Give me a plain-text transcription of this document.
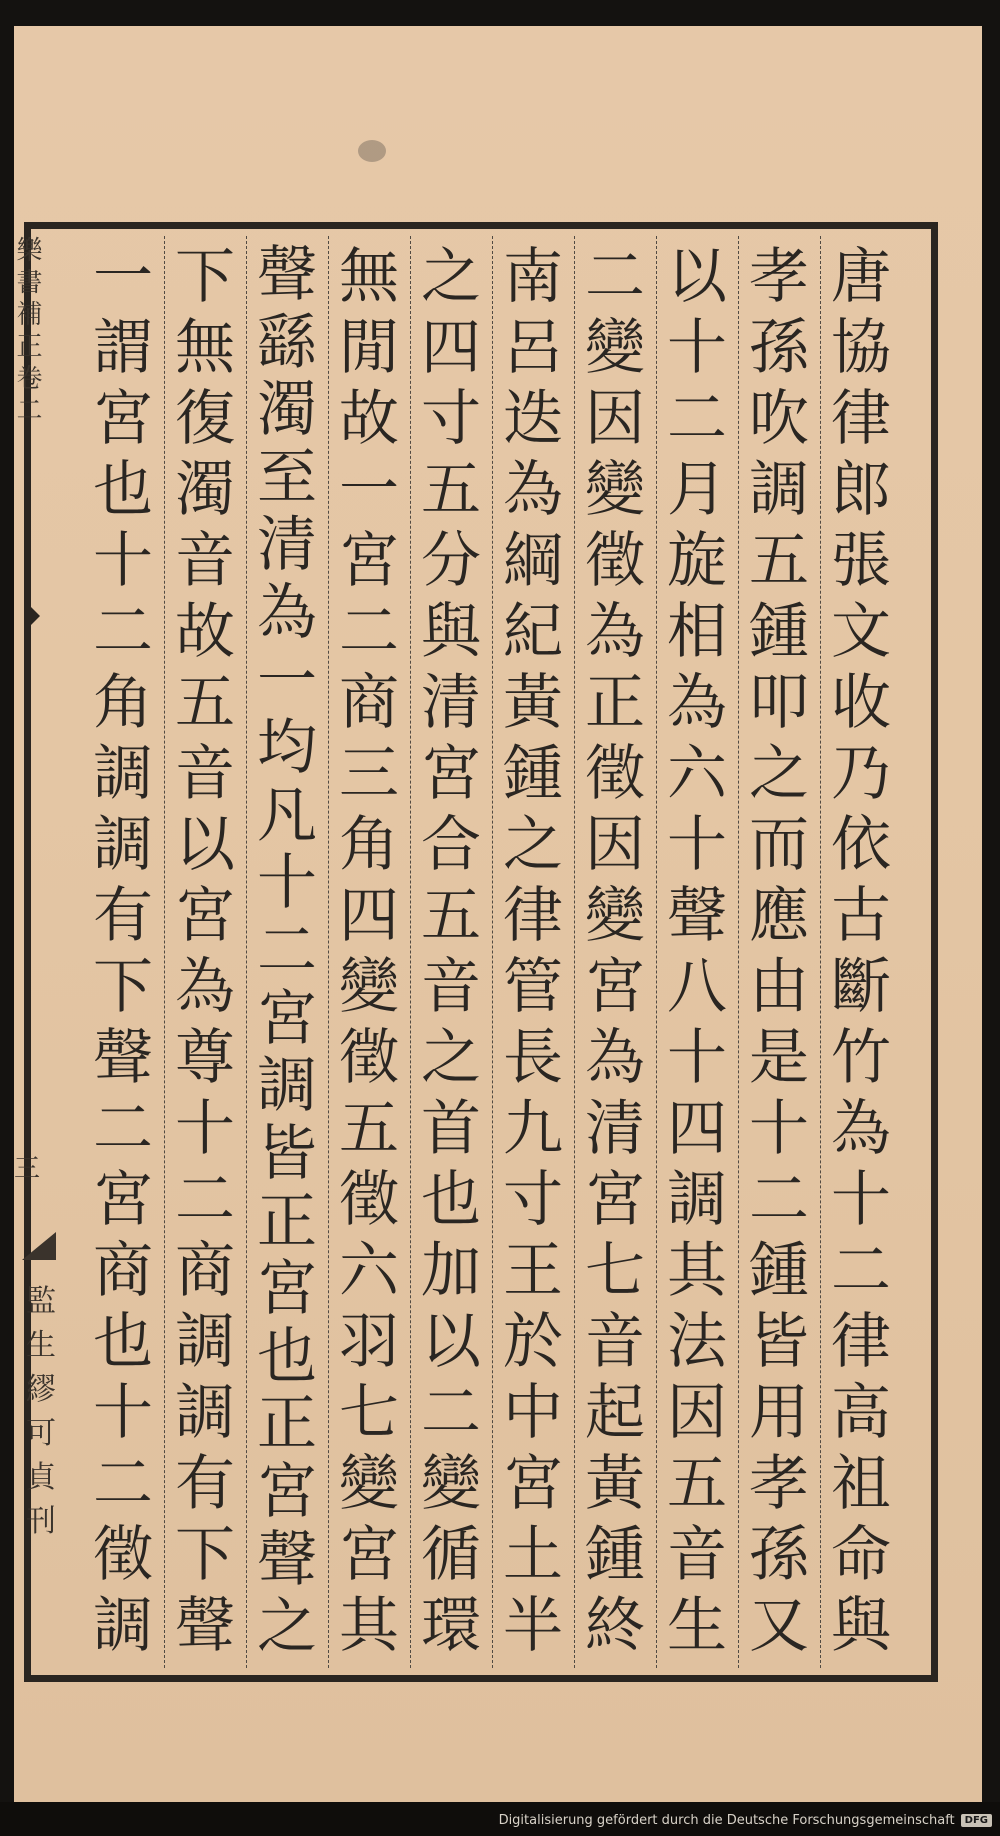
唐
協
律
郎
張
文
收
乃
依
古
斷
竹
為
十
二
律
高
祖
命
與
孝
孫
吹
調
五
鍾
叩
之
而
應
由
是
十
二
鍾
皆
用
孝
孫
又
以
十
二
月
旋
相
為
六
十
聲
八
十
四
調
其
法
因
五
音
生
二
變
因
變
徵
為
正
徵
因
變
宮
為
清
宮
七
音
起
黃
鍾
終
南
呂
迭
為
綱
紀
黃
鍾
之
律
管
長
九
寸
王
於
中
宮
土
半
之
四
寸
五
分
與
清
宮
合
五
音
之
首
也
加
以
二
變
循
環
無
閒
故
一
宮
二
商
三
角
四
變
徵
五
徵
六
羽
七
變
宮
其
聲
繇
濁
至
清
為
一
均
凡
十
二
宮
調
皆
正
宮
也
正
宮
聲
之
下
無
復
濁
音
故
五
音
以
宮
為
尊
十
二
商
調
調
有
下
聲
一
謂
宮
也
十
二
角
調
調
有
下
聲
二
宮
商
也
十
二
徵
調
樂書補正卷二
三
監生繆可貞刊
Digitalisierung gefördert durch die Deutsche Forschungsgemeinschaft	DFG
